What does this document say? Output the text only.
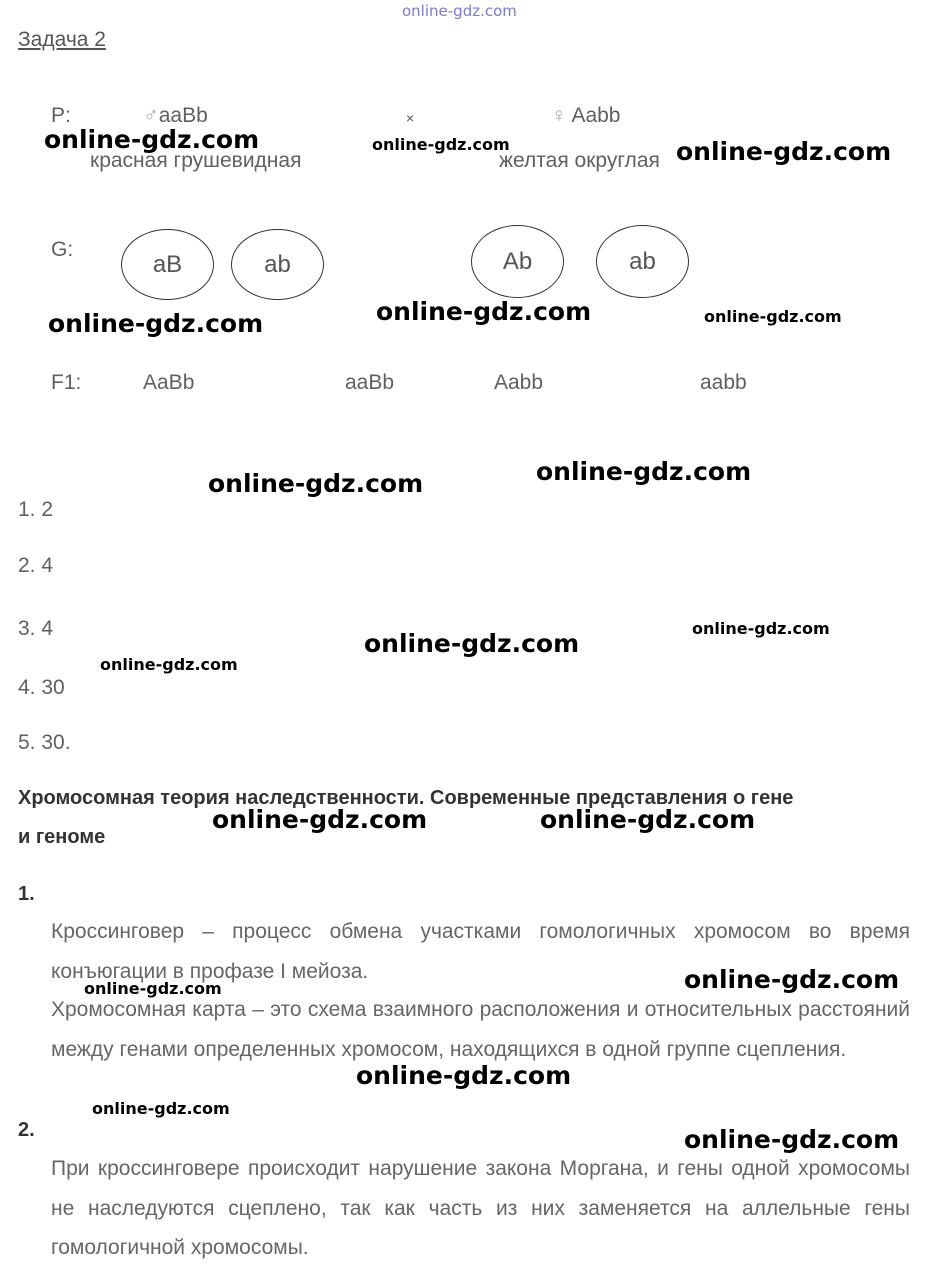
online-gdz.com
Задача 2
P:	♂aaBb	×	♀ Aabb
красная грушевидная	желтая округлая
G:
aB	ab	Ab	ab
F1:	AaBb	aaBb	Aabb	aabb
1. 2
2. 4
3. 4
4. 30
5. 30.
Хромосомная теория наследственности. Современные представления о гене
и геноме
1.
Кроссинговер – процесс обмена участками гомологичных хромосом во время конъюгации в профазе I мейоза.
Хромосомная карта – это схема взаимного расположения и относительных расстояний между генами определенных хромосом, находящихся в одной группе сцепления.
2.
При кроссинговере происходит нарушение закона Моргана, и гены одной хромосомы не наследуются сцеплено, так как часть из них заменяется на аллельные гены гомологичной хромосомы.
online-gdz.com	online-gdz.com	online-gdz.com
online-gdz.com	online-gdz.com	online-gdz.com
online-gdz.com	online-gdz.com
online-gdz.com
online-gdz.com
online-gdz.com
online-gdz.com	online-gdz.com
online-gdz.com
online-gdz.com
online-gdz.com
online-gdz.com
online-gdz.com
